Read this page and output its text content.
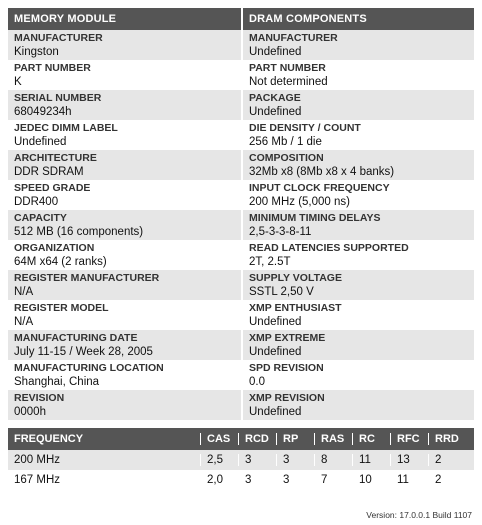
MEMORY MODULE
MANUFACTURER
Kingston
PART NUMBER
K
SERIAL NUMBER
68049234h
JEDEC DIMM LABEL
Undefined
ARCHITECTURE
DDR SDRAM
SPEED GRADE
DDR400
CAPACITY
512 MB (16 components)
ORGANIZATION
64M x64 (2 ranks)
REGISTER MANUFACTURER
N/A
REGISTER MODEL
N/A
MANUFACTURING DATE
July 11-15 / Week 28, 2005
MANUFACTURING LOCATION
Shanghai, China
REVISION
0000h
DRAM COMPONENTS
MANUFACTURER
Undefined
PART NUMBER
Not determined
PACKAGE
Undefined
DIE DENSITY / COUNT
256 Mb / 1 die
COMPOSITION
32Mb x8 (8Mb x8 x 4 banks)
INPUT CLOCK FREQUENCY
200 MHz (5,000 ns)
MINIMUM TIMING DELAYS
2,5-3-3-8-11
READ LATENCIES SUPPORTED
2T, 2.5T
SUPPLY VOLTAGE
SSTL 2,50 V
XMP ENTHUSIAST
Undefined
XMP EXTREME
Undefined
SPD REVISION
0.0
XMP REVISION
Undefined
FREQUENCY	CAS	RCD	RP	RAS	RC	RFC	RRD
200 MHz	2,5	3	3	8	11	13	2
167 MHz	2,0	3	3	7	10	11	2
Version: 17.0.0.1 Build 1107
